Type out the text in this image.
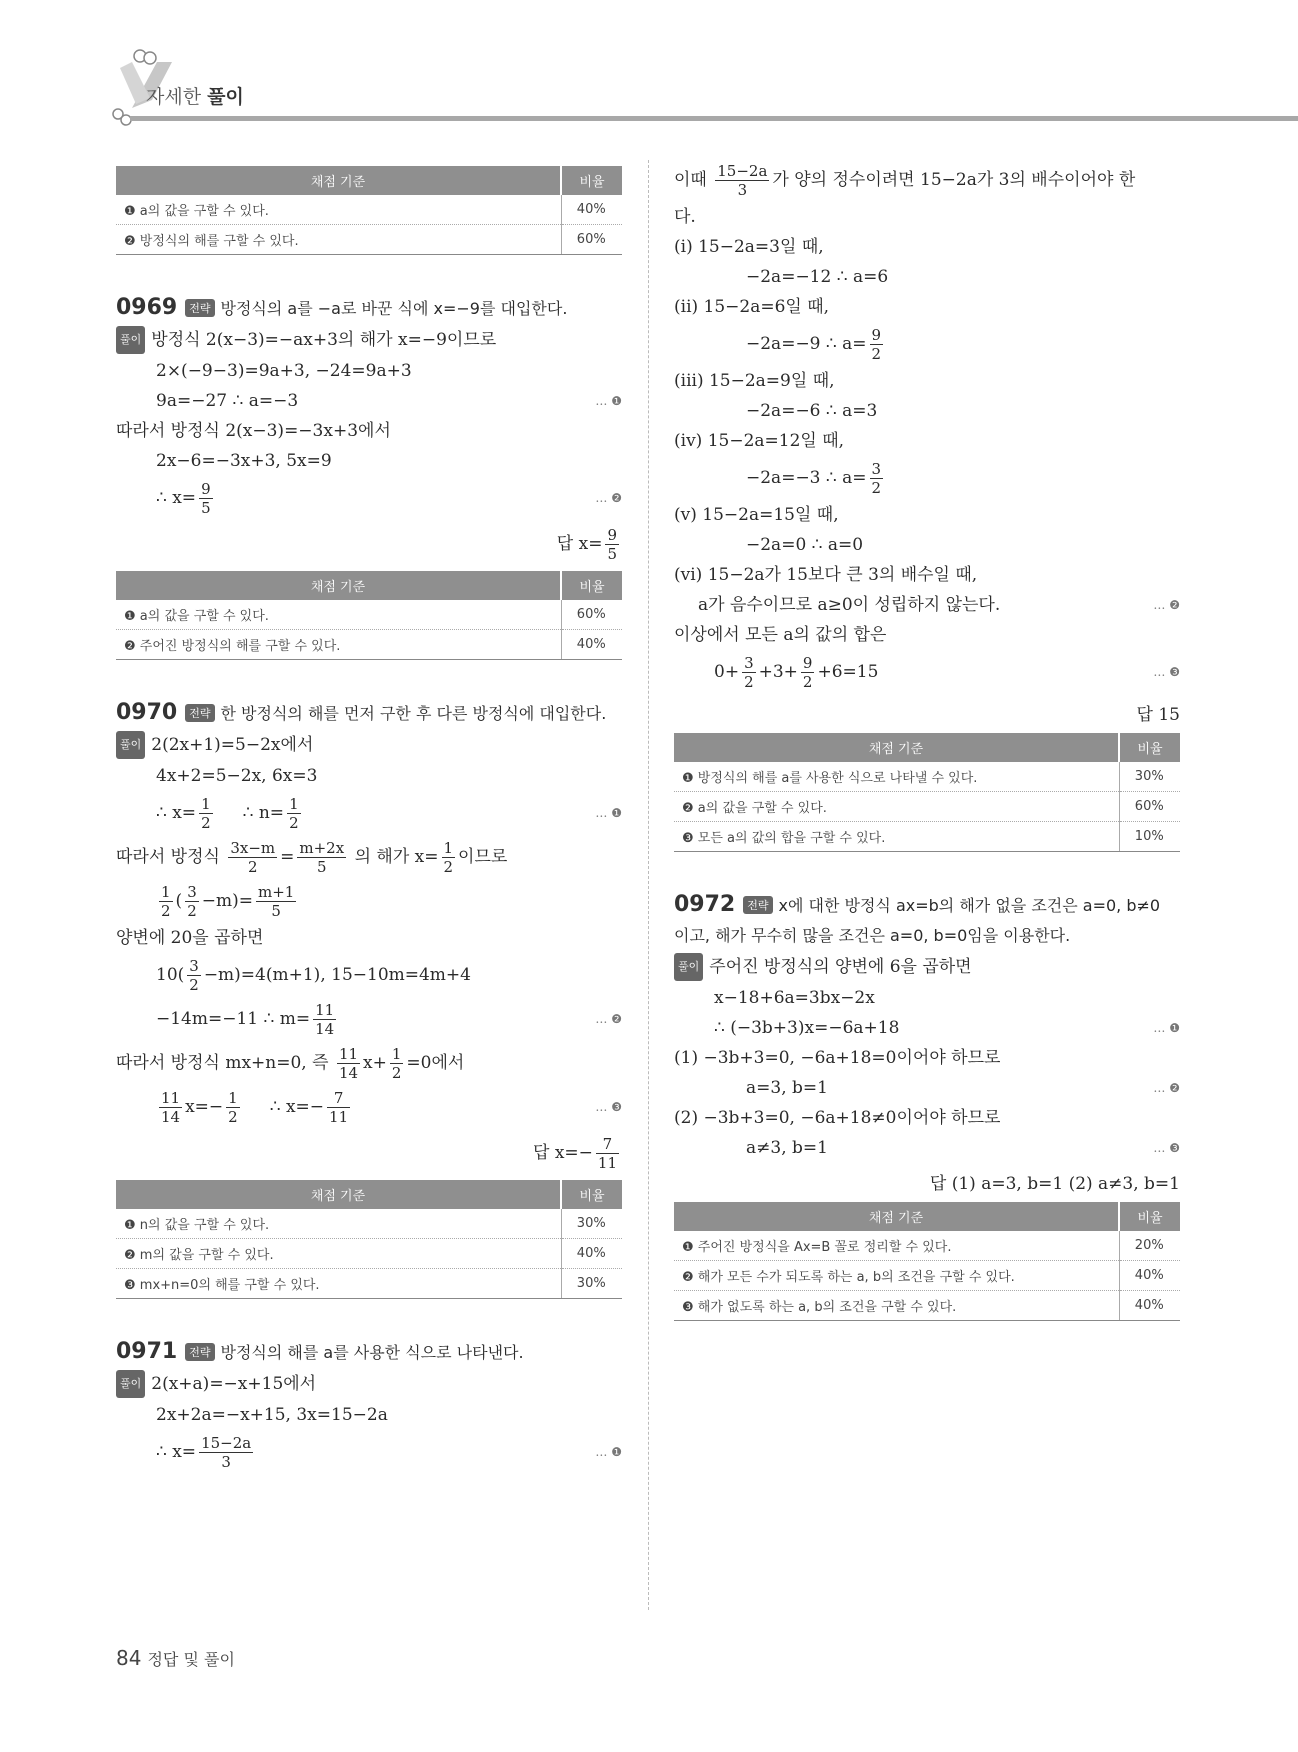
자세한 풀이
채점 기준	비율
❶ a의 값을 구할 수 있다.	40%
❷ 방정식의 해를 구할 수 있다.	60%
0969 전략 방정식의 a를 −a로 바꾼 식에 x=−9를 대입한다.
풀이 방정식 2(x−3)=−ax+3의 해가 x=−9이므로
2×(−9−3)=9a+3, −24=9a+3
9a=−27 ∴ a=−3	… ❶
따라서 방정식 2(x−3)=−3x+3에서
2x−6=−3x+3, 5x=9
∴ $x= \frac{9}{5}$	… ❷
답 $x= \frac{9}{5}$
채점 기준	비율
❶ a의 값을 구할 수 있다.	60%
❷ 주어진 방정식의 해를 구할 수 있다.	40%
0970 전략 한 방정식의 해를 먼저 구한 후 다른 방정식에 대입한다.
풀이 2(2x+1)=5−2x에서
4x+2=5−2x, 6x=3
∴ $x= \frac{1}{2}$ ∴ $n= \frac{1}{2}$	… ❶
따라서 방정식 $\frac{3x-m}{2} = \frac{m+2x}{5}$ 의 해가 $x= \frac{1}{2}$ 이므로
$\frac{1}{2}$ ( $\frac{3}{2} -m)= \frac{m+1}{5}$
양변에 20을 곱하면
$10( \frac{3}{2} -m)=4(m+1)$, 15−10m=4m+4
−14m=−11 ∴ $m= \frac{11}{14}$	… ❷
따라서 방정식 mx+n=0, 즉 $\frac{11}{14} x+ \frac{1}{2} =0$에서
$\frac{11}{14} x=- \frac{1}{2}$ ∴ $x=- \frac{7}{11}$	… ❸
답 $x=- \frac{7}{11}$
채점 기준	비율
❶ n의 값을 구할 수 있다.	30%
❷ m의 값을 구할 수 있다.	40%
❸ mx+n=0의 해를 구할 수 있다.	30%
0971 전략 방정식의 해를 a를 사용한 식으로 나타낸다.
풀이 2(x+a)=−x+15에서
2x+2a=−x+15, 3x=15−2a
∴ $x= \frac{15-2a}{3}$	… ❶
이때 $\frac{15-2a}{3}$ 가 양의 정수이려면 15−2a가 3의 배수이어야 한
다.
(i) 15−2a=3일 때,
−2a=−12 ∴ a=6
(ii) 15−2a=6일 때,
−2a=−9 ∴ $a= \frac{9}{2}$
(iii) 15−2a=9일 때,
−2a=−6 ∴ a=3
(iv) 15−2a=12일 때,
−2a=−3 ∴ $a= \frac{3}{2}$
(v) 15−2a=15일 때,
−2a=0 ∴ a=0
(vi) 15−2a가 15보다 큰 3의 배수일 때,
a가 음수이므로 a≥0이 성립하지 않는다.	… ❷
이상에서 모든 a의 값의 합은
$0+ \frac{3}{2} +3+ \frac{9}{2} +6=15$	… ❸
답 15
채점 기준	비율
❶ 방정식의 해를 a를 사용한 식으로 나타낼 수 있다.	30%
❷ a의 값을 구할 수 있다.	60%
❸ 모든 a의 값의 합을 구할 수 있다.	10%
0972 전략 x에 대한 방정식 ax=b의 해가 없을 조건은 a=0, b≠0
이고, 해가 무수히 많을 조건은 a=0, b=0임을 이용한다.
풀이 주어진 방정식의 양변에 6을 곱하면
x−18+6a=3bx−2x
∴ (−3b+3)x=−6a+18	… ❶
(1) −3b+3=0, −6a+18=0이어야 하므로
a=3, b=1	… ❷
(2) −3b+3=0, −6a+18≠0이어야 하므로
a≠3, b=1	… ❸
답 (1) a=3, b=1 (2) a≠3, b=1
채점 기준	비율
❶ 주어진 방정식을 Ax=B 꼴로 정리할 수 있다.	20%
❷ 해가 모든 수가 되도록 하는 a, b의 조건을 구할 수 있다.	40%
❸ 해가 없도록 하는 a, b의 조건을 구할 수 있다.	40%
84 정답 및 풀이
